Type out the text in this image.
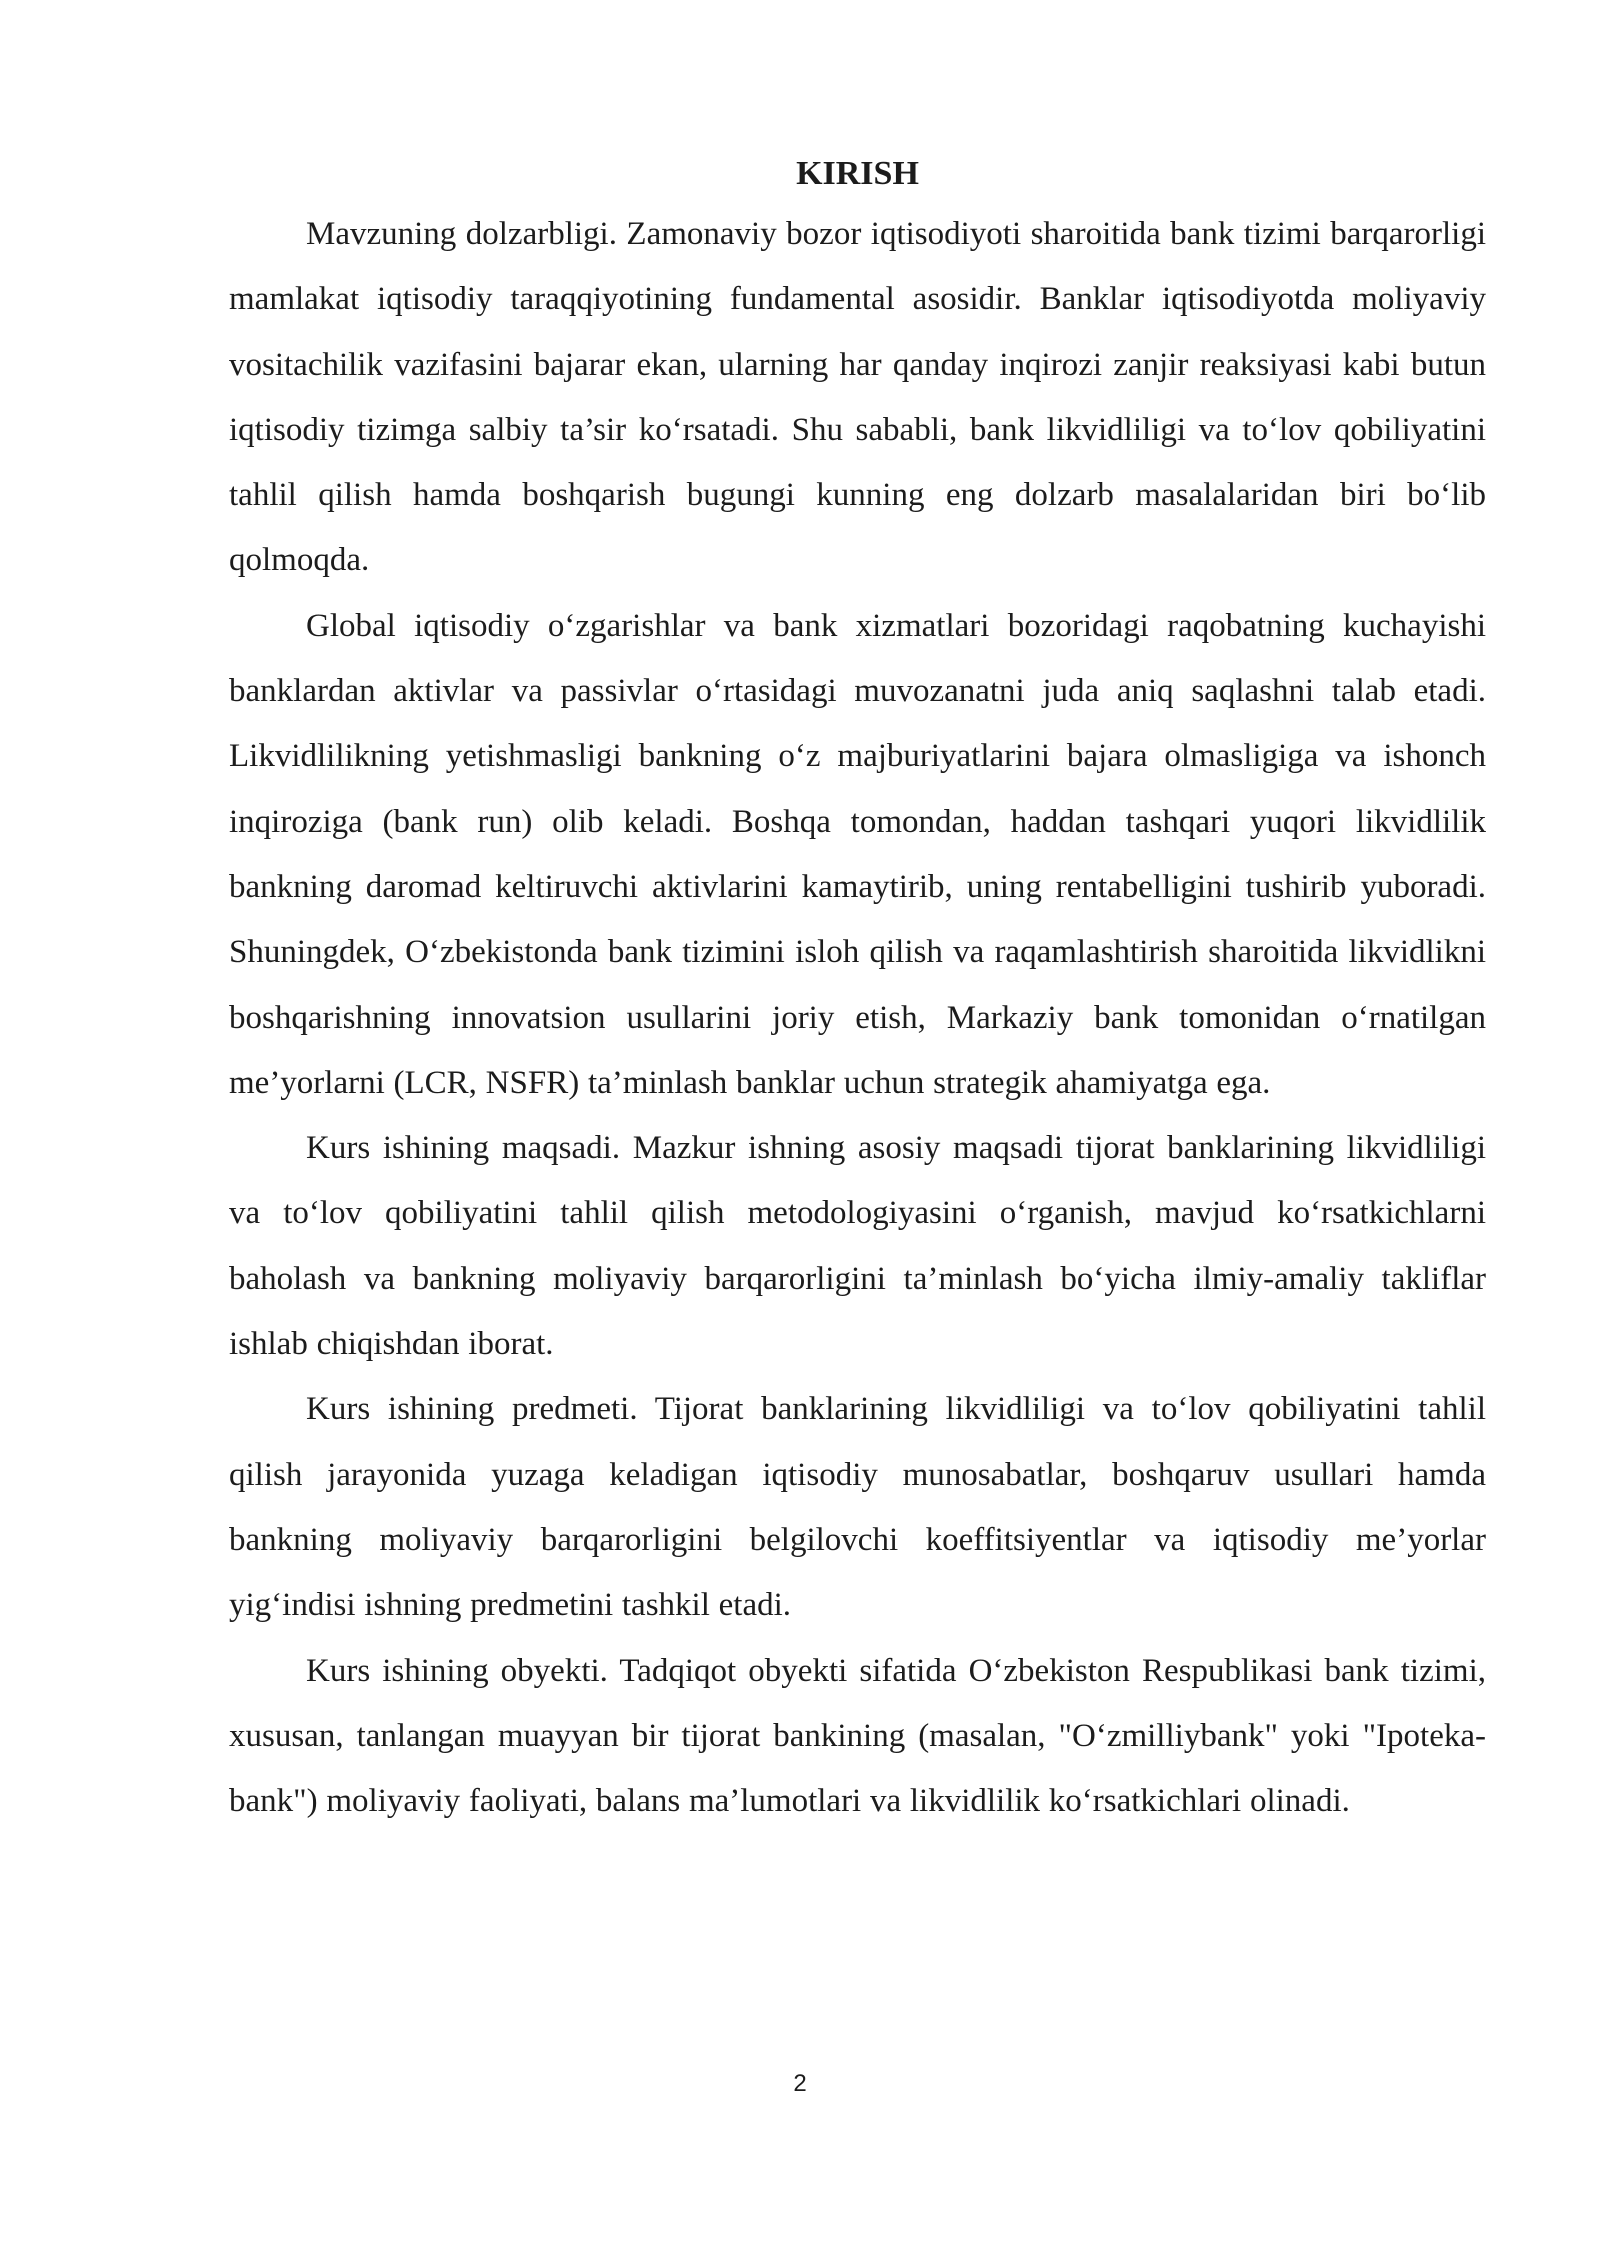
KIRISH

Mavzuning dolzarbligi. Zamonaviy bozor iqtisodiyoti sharoitida bank tizimi barqarorligi mamlakat iqtisodiy taraqqiyotining fundamental asosidir. Banklar iqtisodiyotda moliyaviy vositachilik vazifasini bajarar ekan, ularning har qanday inqirozi zanjir reaksiyasi kabi butun iqtisodiy tizimga salbiy ta’sir ko‘rsatadi. Shu sababli, bank likvidliligi va to‘lov qobiliyatini tahlil qilish hamda boshqarish bugungi kunning eng dolzarb masalalaridan biri bo‘lib qolmoqda.

Global iqtisodiy o‘zgarishlar va bank xizmatlari bozoridagi raqobatning kuchayishi banklardan aktivlar va passivlar o‘rtasidagi muvozanatni juda aniq saqlashni talab etadi. Likvidlilikning yetishmasligi bankning o‘z majburiyatlarini bajara olmasligiga va ishonch inqiroziga (bank run) olib keladi. Boshqa tomondan, haddan tashqari yuqori likvidlilik bankning daromad keltiruvchi aktivlarini kamaytirib, uning rentabelligini tushirib yuboradi. Shuningdek, O‘zbekistonda bank tizimini isloh qilish va raqamlashtirish sharoitida likvidlikni boshqarishning innovatsion usullarini joriy etish, Markaziy bank tomonidan o‘rnatilgan me’yorlarni (LCR, NSFR) ta’minlash banklar uchun strategik ahamiyatga ega.

Kurs ishining maqsadi. Mazkur ishning asosiy maqsadi tijorat banklarining likvidliligi va to‘lov qobiliyatini tahlil qilish metodologiyasini o‘rganish, mavjud ko‘rsatkichlarni baholash va bankning moliyaviy barqarorligini ta’minlash bo‘yicha ilmiy-amaliy takliflar ishlab chiqishdan iborat.

Kurs ishining predmeti. Tijorat banklarining likvidliligi va to‘lov qobiliyatini tahlil qilish jarayonida yuzaga keladigan iqtisodiy munosabatlar, boshqaruv usullari hamda bankning moliyaviy barqarorligini belgilovchi koeffitsiyentlar va iqtisodiy me’yorlar yig‘indisi ishning predmetini tashkil etadi.

Kurs ishining obyekti. Tadqiqot obyekti sifatida O‘zbekiston Respublikasi bank tizimi, xususan, tanlangan muayyan bir tijorat bankining (masalan, "O‘zmilliybank" yoki "Ipoteka-bank") moliyaviy faoliyati, balans ma’lumotlari va likvidlilik ko‘rsatkichlari olinadi.

2
